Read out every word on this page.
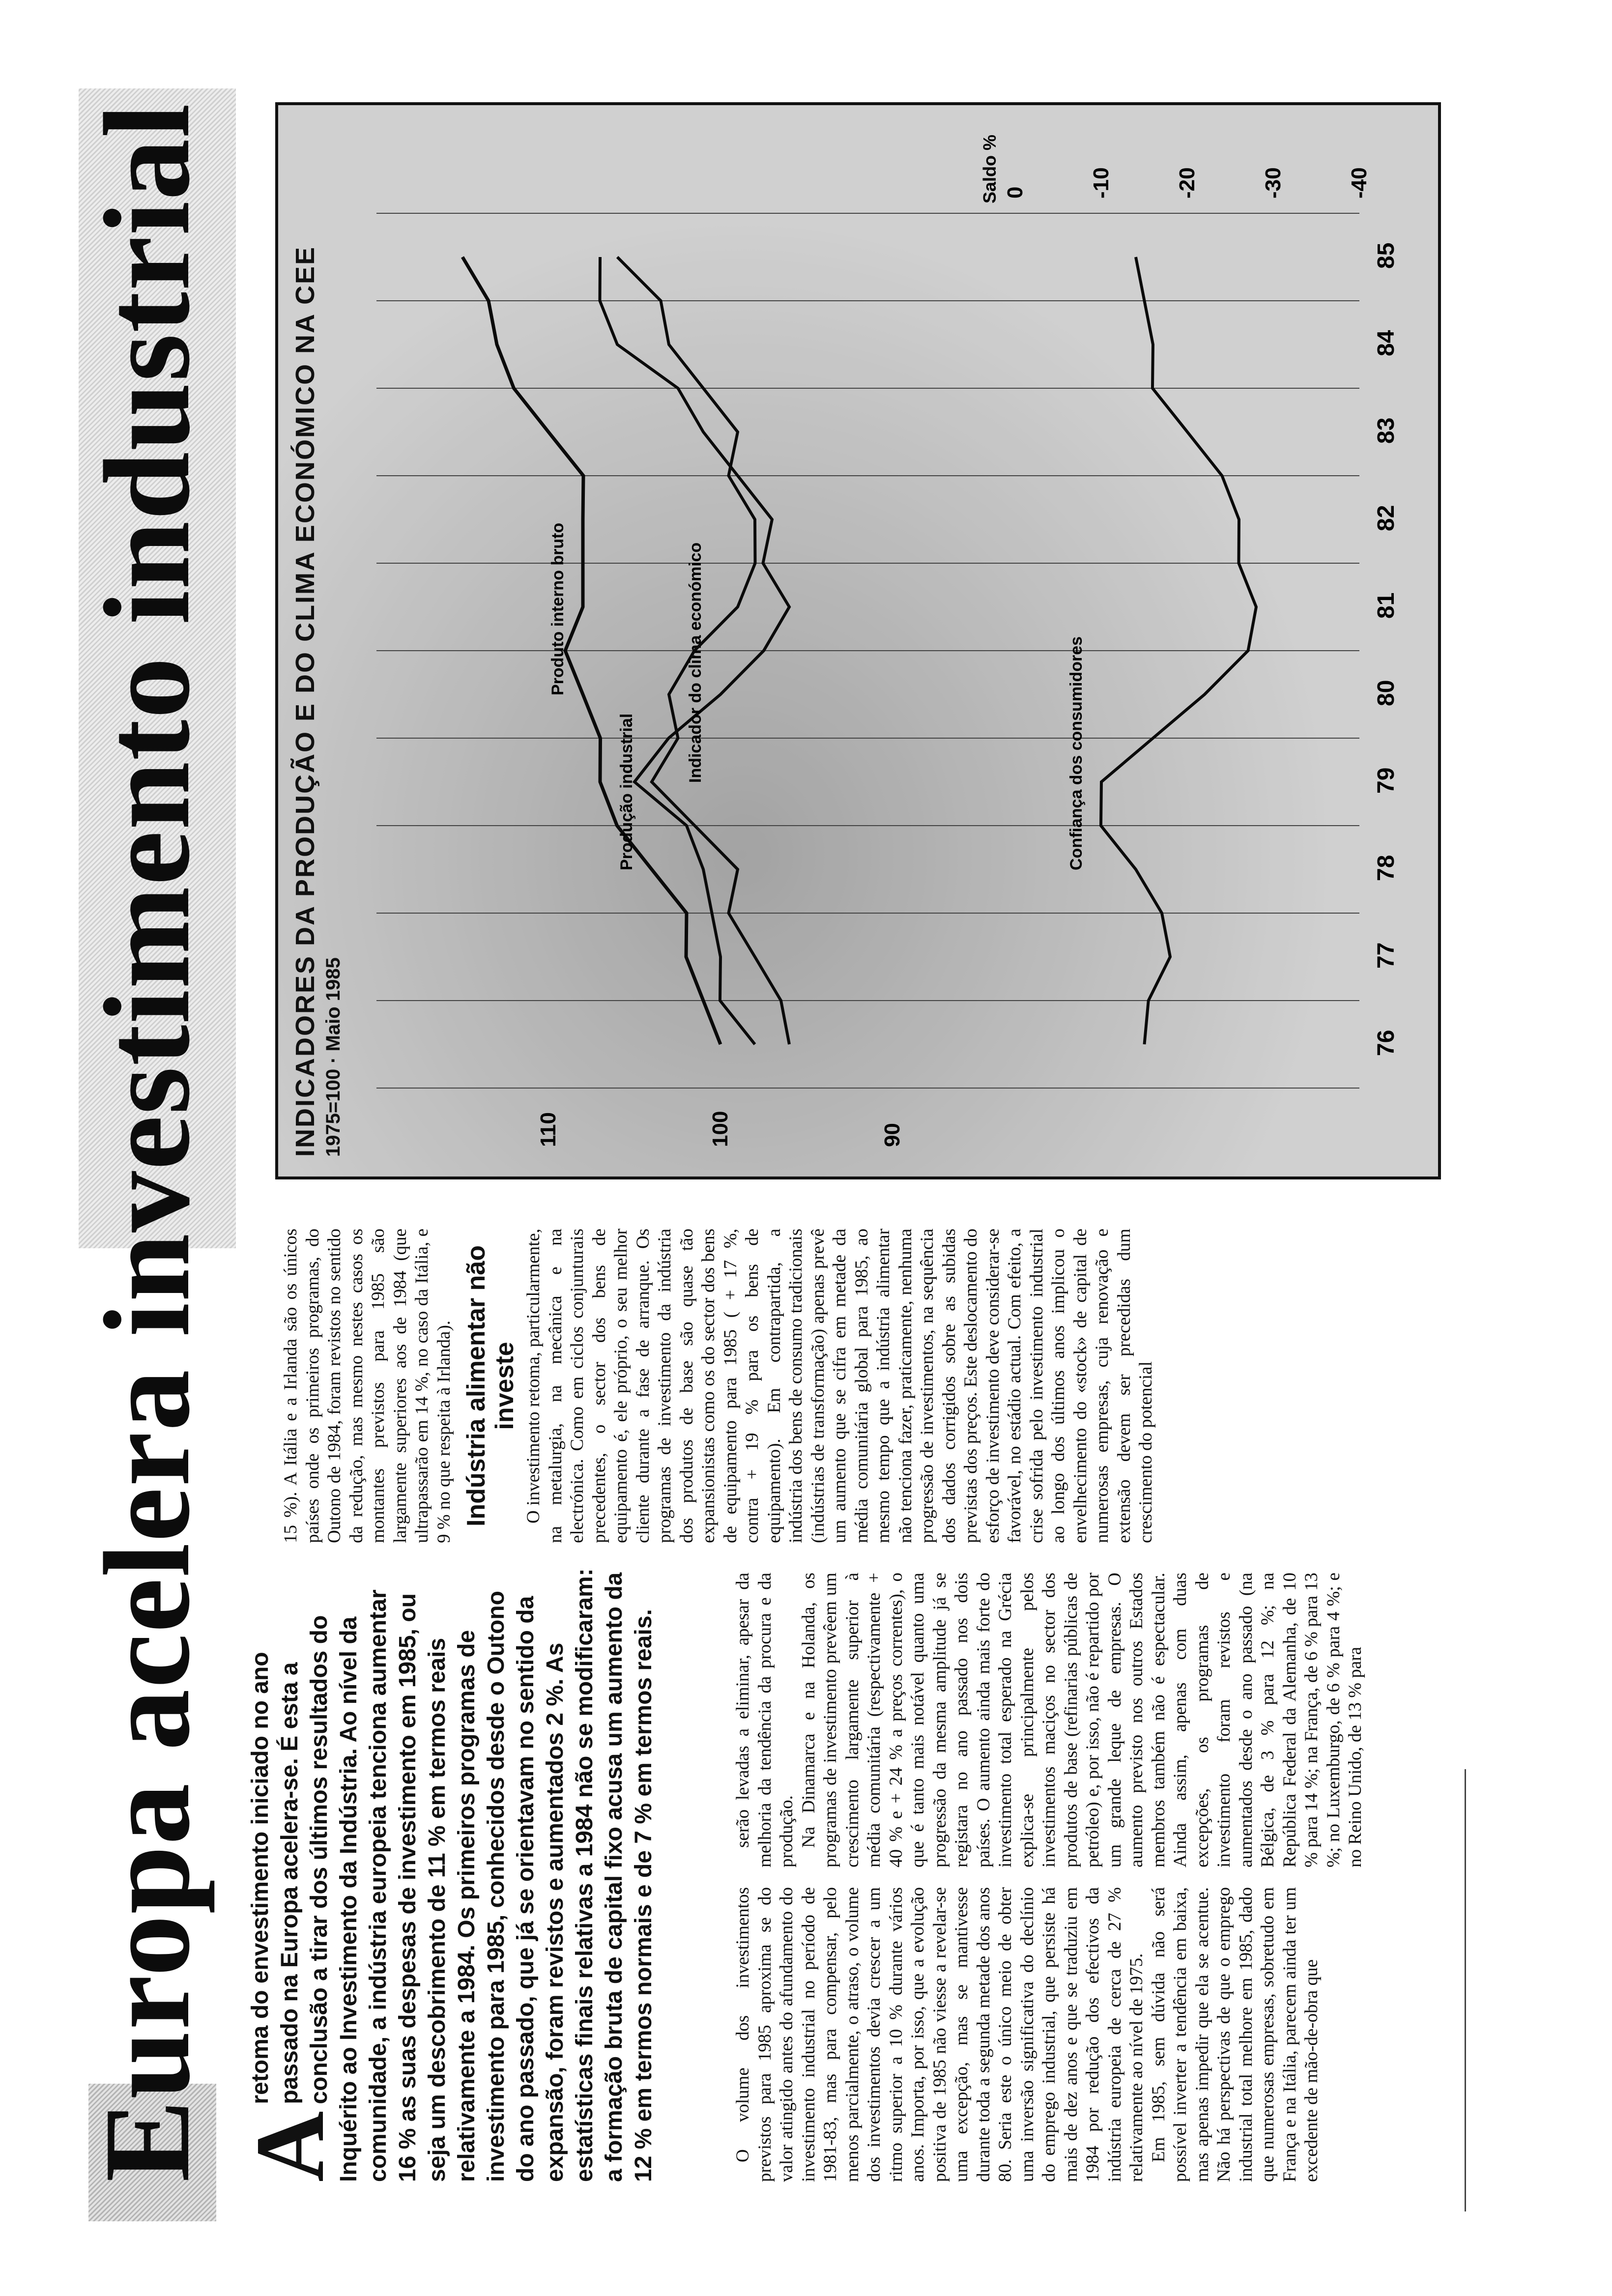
Europa acelera investimento industrial A
retoma do envestimento iniciado no ano passado na Europa acelera-se. É esta a conclusão a tirar dos últimos resultados do Inquérito ao Investimento da Indústria. Ao nível da comunidade, a indústria europeia tenciona aumentar 16 % as suas despesas de investimento em 1985, ou seja um descobrimento de 11 % em termos reais relativamente a 1984. Os primeiros programas de investimento para 1985, conhecidos desde o Outono do ano passado, que já se orientavam no sentido da expansão, foram revistos e aumentados 2 %. As estatísticas finais relativas a 1984 não se modificaram: a formação bruta de capital fixo acusa um aumento da 12 % em termos normais e de 7 % em termos reais.	O volume dos investimentos previstos para 1985 aproxima se do valor atingido antes do afundamento do investimento industrial no período de 1981-83, mas para compensar, pelo menos parcialmente, o atraso, o volume dos investimentos devia crescer a um ritmo superior a 10 % durante vários anos. Importa, por isso, que a evolução positiva de 1985 não viesse a revelar-se uma excepção, mas se mantivesse durante toda a segunda metade dos anos 80. Seria este o único meio de obter uma inversão significativa do declínio do emprego industrial, que persiste há mais de dez anos e que se traduziu em 1984 por redução dos efectivos da indústria europeia de cerca de 27 % relativamente ao nível de 1975. Em 1985, sem dúvida não será possível inverter a tendência em baixa, mas apenas impedir que ela se acentue. Não há perspectivas de que o emprego industrial total melhore em 1985, dado que numerosas empresas, sobretudo em França e na Itália, parecem ainda ter um excedente de mão-de-obra que

serão levadas a eliminar, apesar da melhoria da tendência da procura e da produção. Na Dinamarca e na Holanda, os programas de investimento prevêem um crescimento largamente superior à média comunitária (respectivamente + 40 % e + 24 % a preços correntes), o que é tanto mais notável quanto uma progressão da mesma amplitude já se registara no ano passado nos dois países. O aumento ainda mais forte do investimento total esperado na Grécia explica-se principalmente pelos investimentos maciços no sector dos produtos de base (refinarias públicas de petróleo) e, por isso, não é repartido por um grande leque de empresas. O aumento previsto nos outros Estados membros também não é espectacular. Ainda assim, apenas com duas excepções, os programas de investimento foram revistos e aumentados desde o ano passado (na Bélgica, de 3 % para 12 %; na República Federal da Alemanha, de 10 % para 14 %; na França, de 6 % para 13 %; no Luxemburgo, de 6 % para 4 %; e no Reino Unido, de 13 % para

15 %). A Itália e a Irlanda são os únicos países onde os primeiros programas, do Outono de 1984, foram revistos no sentido da redução, mas mesmo nestes casos os montantes previstos para 1985 são largamente superiores aos de 1984 (que ultrapassarão em 14 %, no caso da Itália, e 9 % no que respeita à Irlanda). Indústria alimentar não investe O investimento retoma, particularmente, na metalurgia, na mecânica e na electrónica. Como em ciclos conjunturais precedentes, o sector dos bens de equipamento é, ele próprio, o seu melhor cliente durante a fase de arranque. Os programas de investimento da indústria dos produtos de base são quase tão expansionistas como os do sector dos bens de equipamento para 1985 ( + 17 %, contra + 19 % para os bens de equipamento). Em contrapartida, a indústria dos bens de consumo tradicionais (indústrias de transformação) apenas prevê um aumento que se cifra em metade da média comunitária global para 1985, ao mesmo tempo que a indústria alimentar não tenciona fazer, praticamente, nenhuma progressão de investimentos, na sequência dos dados corrigidos sobre as subidas previstas dos preços. Este deslocamento do esforço de investimento deve considerar-se favorável, no estádio actual. Com efeito, a crise sofrida pelo investimento industrial ao longo dos últimos anos implicou o envelhecimento do «stock» de capital de numerosas empresas, cuja renovação e extensão devem ser precedidas dum crescimento do potencial

INDICADORES DA PRODUÇÃO E DO CLIMA ECONÓMICO NA CEE 1975=100 · Maio 1985	90
100
110
0	-10	-20	-30	-40
Saldo %
76
77
78
79
80
81
82
83
84
85
Produto interno bruto	Indicador do clima económico
Produção industrial	Confiança dos consumidores
